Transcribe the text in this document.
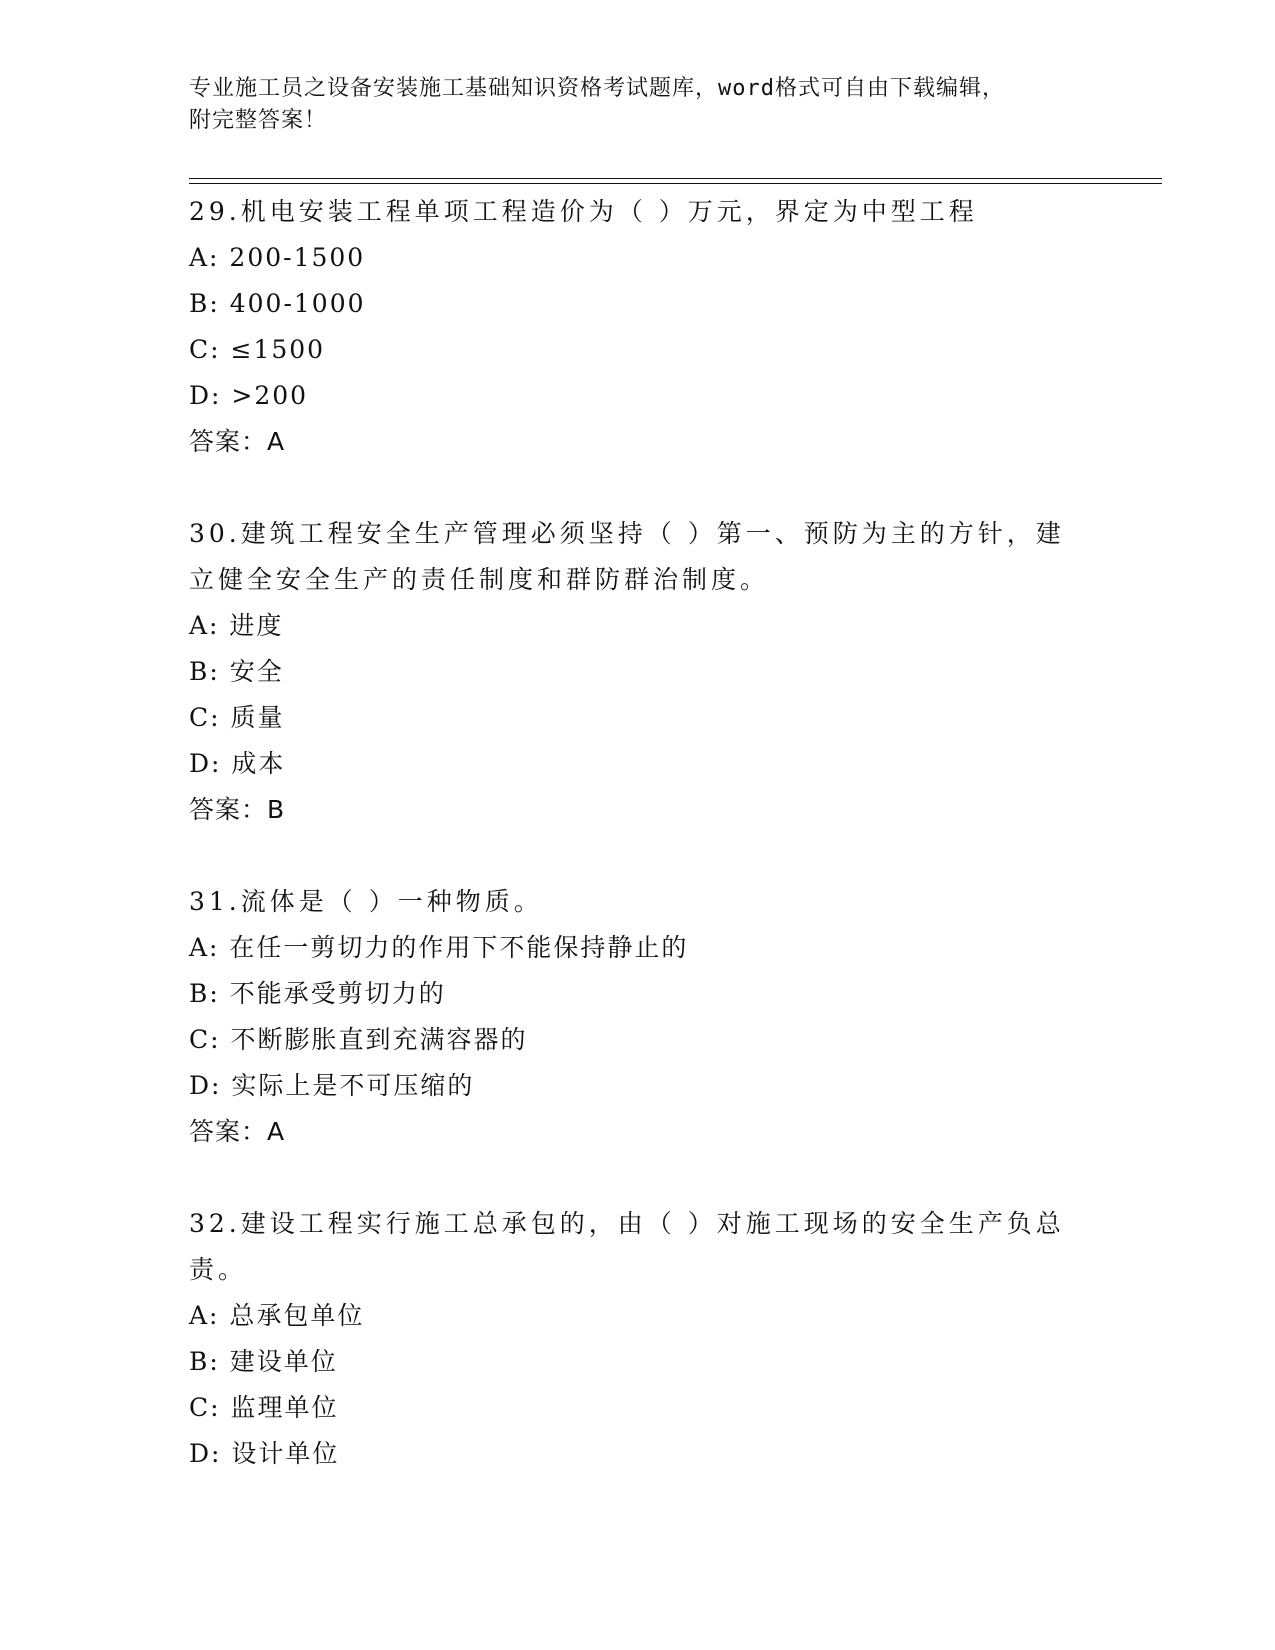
专业施工员之设备安装施工基础知识资格考试题库，word格式可自由下载编辑，
附完整答案！

29.机电安装工程单项工程造价为（ ）万元，界定为中型工程

A: 200-1500

B: 400-1000

C: ≤1500

D: >200

答案：A

30.建筑工程安全生产管理必须坚持（ ）第一、预防为主的方针，建

立健全安全生产的责任制度和群防群治制度。

A: 进度

B: 安全

C: 质量

D: 成本

答案：B

31.流体是（ ）一种物质。

A: 在任一剪切力的作用下不能保持静止的

B: 不能承受剪切力的

C: 不断膨胀直到充满容器的

D: 实际上是不可压缩的

答案：A

32.建设工程实行施工总承包的，由（ ）对施工现场的安全生产负总

责。

A: 总承包单位

B: 建设单位

C: 监理单位

D: 设计单位
